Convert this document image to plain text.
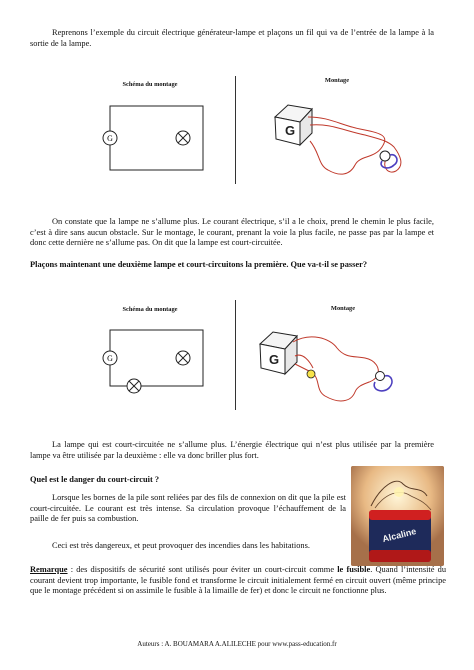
Reprenons l’exemple du circuit électrique générateur-lampe et plaçons un fil qui va de l’entrée de la lampe à la sortie de la lampe.
Schéma du montage
G
Montage
G
On constate que la lampe ne s’allume plus. Le courant électrique, s’il a le choix, prend le chemin le plus facile, c’est à dire sans aucun obstacle. Sur le montage, le courant, prenant la voie la plus facile, ne passe pas par la lampe et donc cette dernière ne s’allume pas. On dit que la lampe est court-circuitée.
Plaçons maintenant une deuxième lampe et court-circuitons la première. Que va-t-il se passer?
Schéma du montage
G
Montage
G
La lampe qui est court-circuitée ne s’allume plus. L’énergie électrique qui n’est plus utilisée par la première lampe va être utilisée par la deuxième : elle va donc briller plus fort.
Quel est le danger du court-circuit ?
Lorsque les bornes de la pile sont reliées par des fils de connexion on dit que la pile est court-circuitée. Le courant est très intense. Sa circulation provoque l’échauffement de la paille de fer puis sa combustion.
Ceci est très dangereux, et peut provoquer des incendies dans les habitations.
Alcaline
Remarque : des dispositifs de sécurité sont utilisés pour éviter un court-circuit comme le fusible. Quand l’intensité du courant devient trop importante, le fusible fond et transforme le circuit initialement fermé en circuit ouvert (même principe que le montage précédent si on assimile le fusible à la limaille de fer) et donc le circuit ne fonctionne plus.
Auteurs : A. BOUAMARA A.ALILECHE pour www.pass-education.fr
